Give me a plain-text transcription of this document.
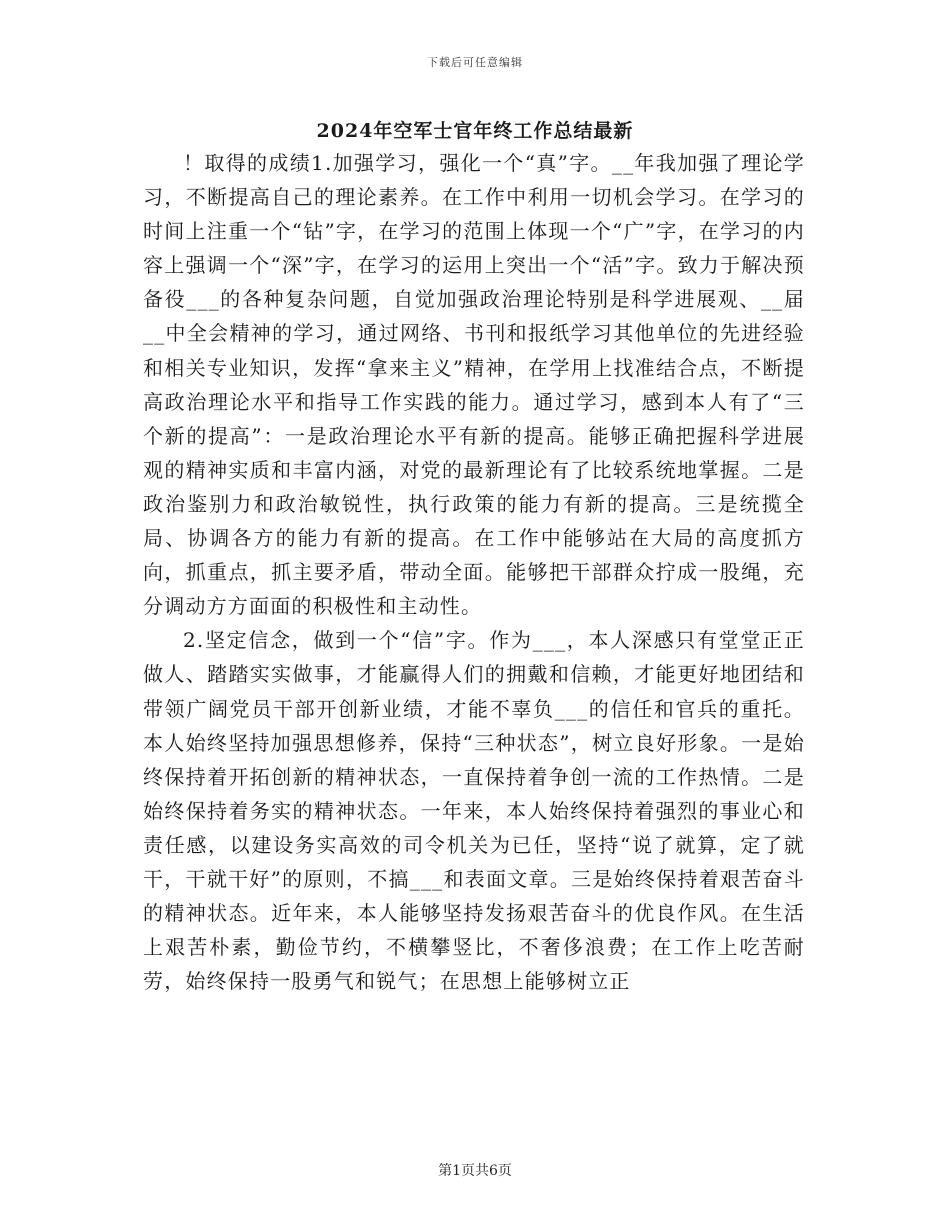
下载后可任意编辑
2024年空军士官年终工作总结最新

！取得的成绩1.加强学习，强化一个“真”字。__年我加强了理论学习，不断提高自己的理论素养。在工作中利用一切机会学习。在学习的时间上注重一个“钻”字，在学习的范围上体现一个“广”字，在学习的内容上强调一个“深”字，在学习的运用上突出一个“活”字。致力于解决预备役___的各种复杂问题，自觉加强政治理论特别是科学进展观、__届__中全会精神的学习，通过网络、书刊和报纸学习其他单位的先进经验和相关专业知识，发挥“拿来主义”精神，在学用上找准结合点，不断提高政治理论水平和指导工作实践的能力。通过学习，感到本人有了“三个新的提高”：一是政治理论水平有新的提高。能够正确把握科学进展观的精神实质和丰富内涵，对党的最新理论有了比较系统地掌握。二是政治鉴别力和政治敏锐性，执行政策的能力有新的提高。三是统揽全局、协调各方的能力有新的提高。在工作中能够站在大局的高度抓方向，抓重点，抓主要矛盾，带动全面。能够把干部群众拧成一股绳，充分调动方方面面的积极性和主动性。

2.坚定信念，做到一个“信”字。作为___，本人深感只有堂堂正正做人、踏踏实实做事，才能赢得人们的拥戴和信赖，才能更好地团结和带领广阔党员干部开创新业绩，才能不辜负___的信任和官兵的重托。本人始终坚持加强思想修养，保持“三种状态”，树立良好形象。一是始终保持着开拓创新的精神状态，一直保持着争创一流的工作热情。二是始终保持着务实的精神状态。一年来，本人始终保持着强烈的事业心和责任感，以建设务实高效的司令机关为已任，坚持“说了就算，定了就干，干就干好”的原则，不搞___和表面文章。三是始终保持着艰苦奋斗的精神状态。近年来，本人能够坚持发扬艰苦奋斗的优良作风。在生活上艰苦朴素，勤俭节约，不横攀竖比，不奢侈浪费；在工作上吃苦耐劳，始终保持一股勇气和锐气；在思想上能够树立正

第1页共6页
